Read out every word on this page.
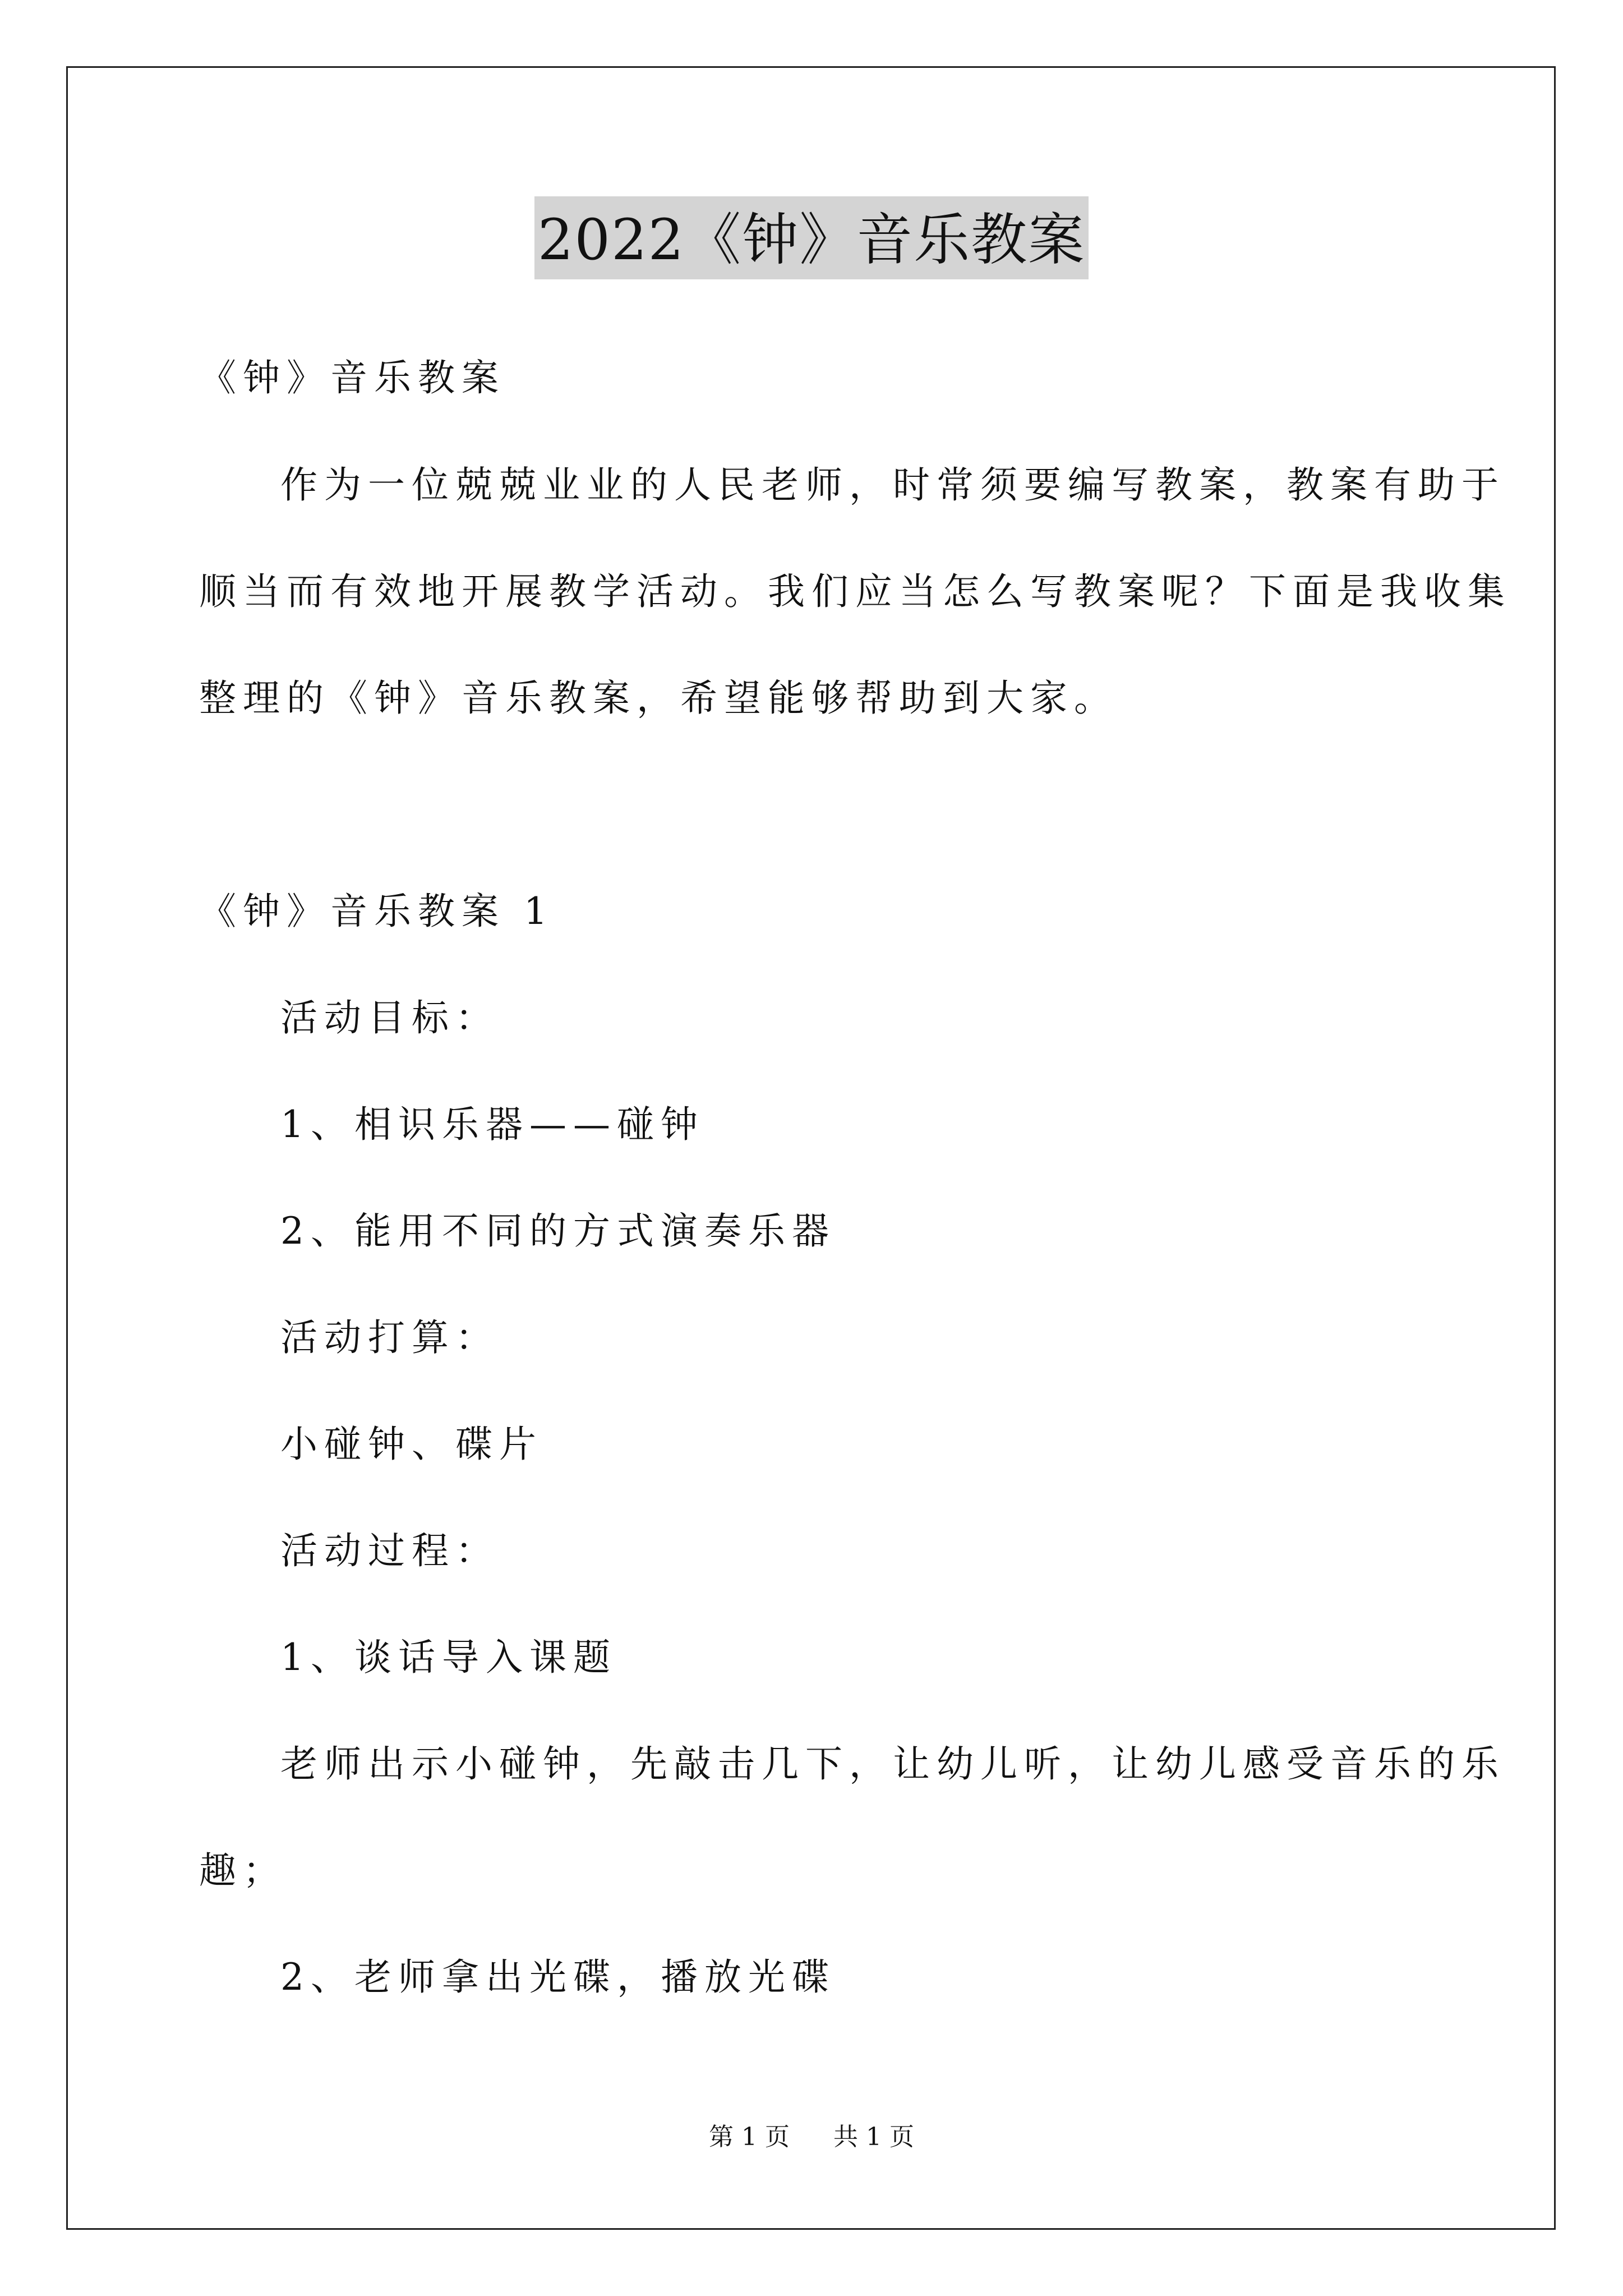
2022《钟》音乐教案
《钟》音乐教案
作为一位兢兢业业的人民老师，时常须要编写教案，教案有助于
顺当而有效地开展教学活动。我们应当怎么写教案呢？下面是我收集
整理的《钟》音乐教案，希望能够帮助到大家。
《钟》音乐教案 1
活动目标：
1、相识乐器——碰钟
2、能用不同的方式演奏乐器
活动打算：
小碰钟、碟片
活动过程：
1、谈话导入课题
老师出示小碰钟，先敲击几下，让幼儿听，让幼儿感受音乐的乐
趣；
2、老师拿出光碟，播放光碟
第 1 页 共 1 页
